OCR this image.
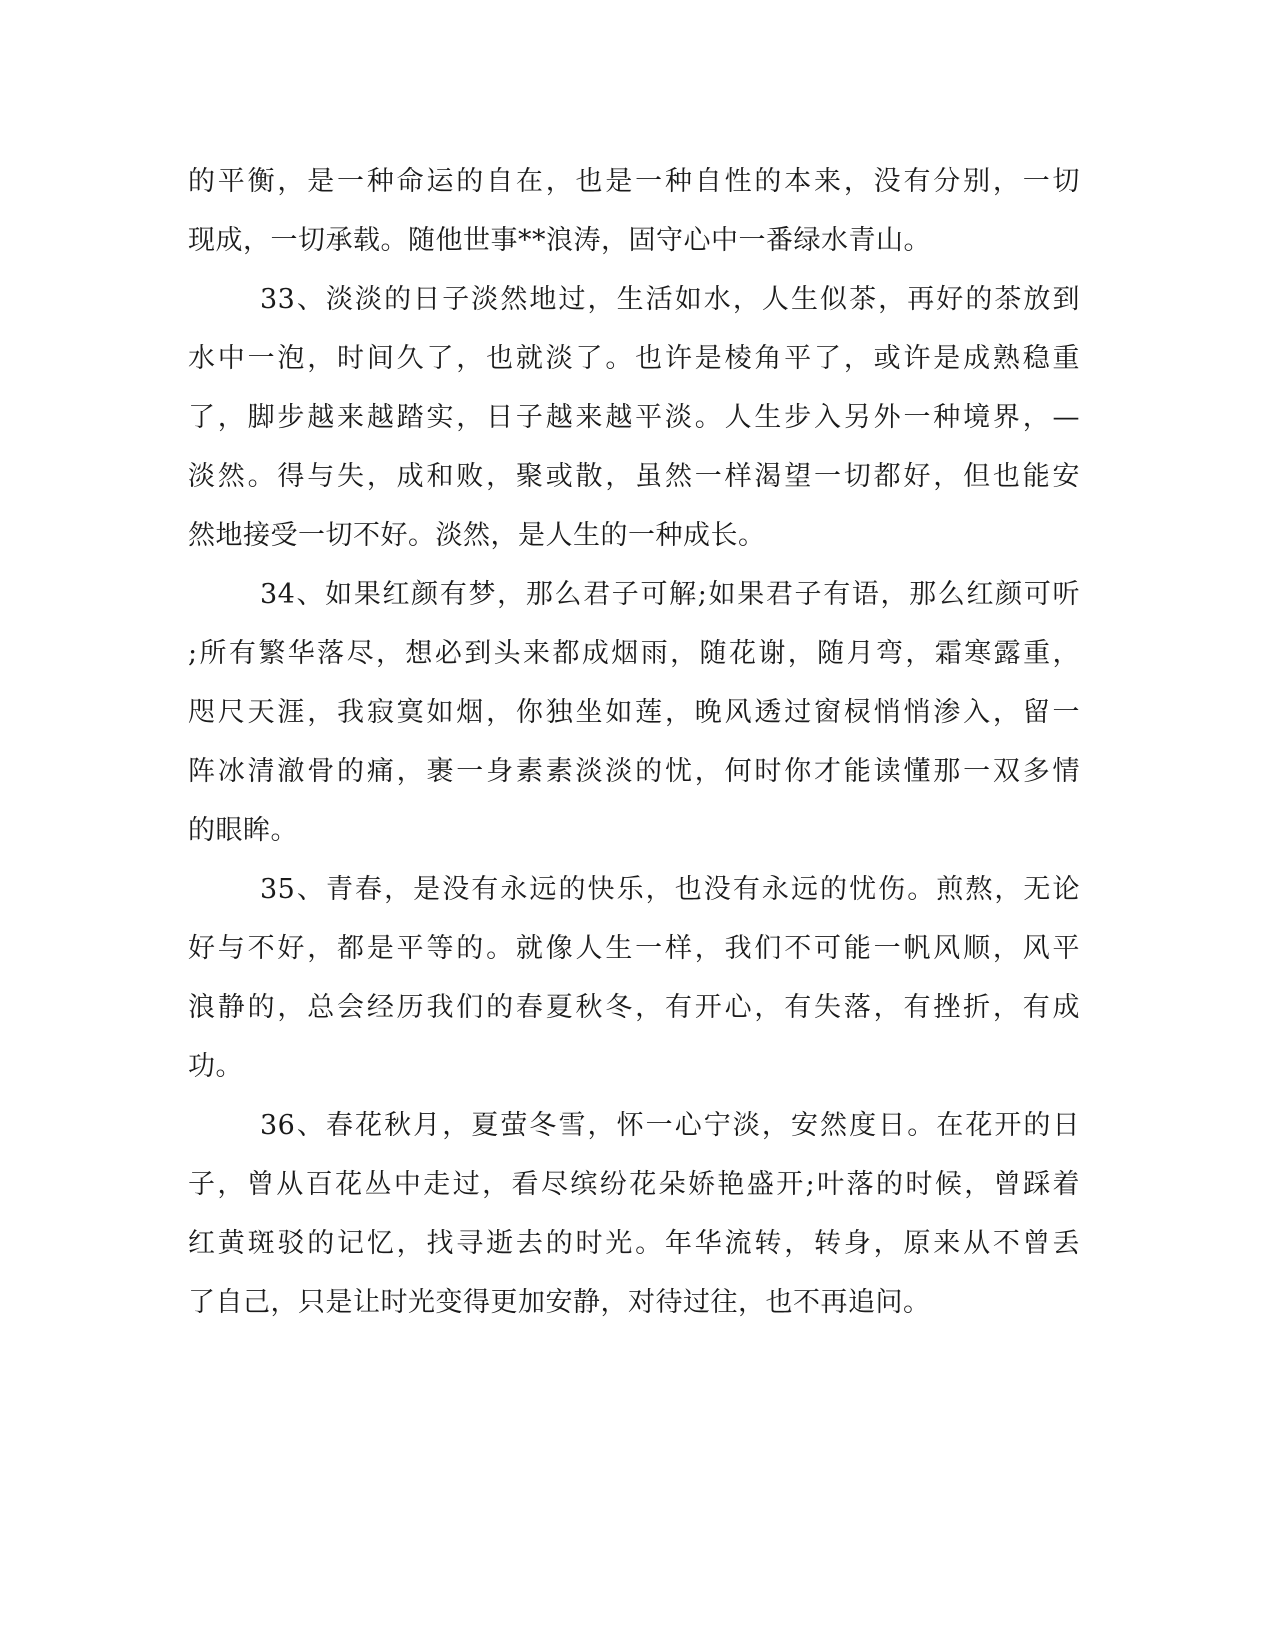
的平衡，是一种命运的自在，也是一种自性的本来，没有分别，一切
现成，一切承载。随他世事**浪涛，固守心中一番绿水青山。
33、淡淡的日子淡然地过，生活如水，人生似茶，再好的茶放到
水中一泡，时间久了，也就淡了。也许是棱角平了，或许是成熟稳重
了，脚步越来越踏实，日子越来越平淡。人生步入另外一种境界，—
淡然。得与失，成和败，聚或散，虽然一样渴望一切都好，但也能安
然地接受一切不好。淡然，是人生的一种成长。
34、如果红颜有梦，那么君子可解;如果君子有语，那么红颜可听
;所有繁华落尽，想必到头来都成烟雨，随花谢，随月弯，霜寒露重，
咫尺天涯，我寂寞如烟，你独坐如莲，晚风透过窗棂悄悄渗入，留一
阵冰清澈骨的痛，裹一身素素淡淡的忧，何时你才能读懂那一双多情
的眼眸。
35、青春，是没有永远的快乐，也没有永远的忧伤。煎熬，无论
好与不好，都是平等的。就像人生一样，我们不可能一帆风顺，风平
浪静的，总会经历我们的春夏秋冬，有开心，有失落，有挫折，有成
功。
36、春花秋月，夏萤冬雪，怀一心宁淡，安然度日。在花开的日
子，曾从百花丛中走过，看尽缤纷花朵娇艳盛开;叶落的时候，曾踩着
红黄斑驳的记忆，找寻逝去的时光。年华流转，转身，原来从不曾丢
了自己，只是让时光变得更加安静，对待过往，也不再追问。
